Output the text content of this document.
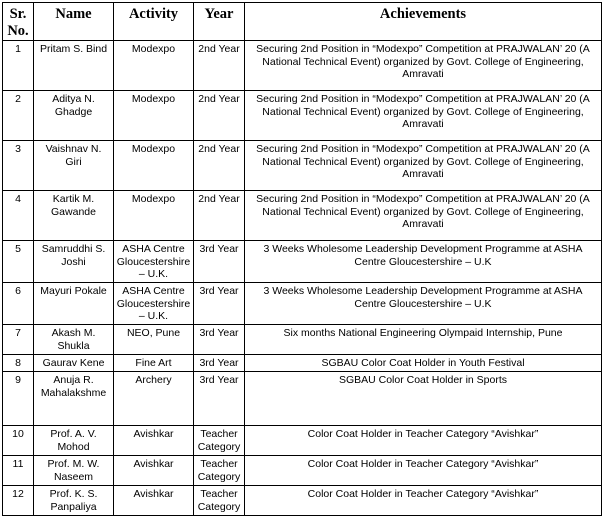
Sr. No.	Name	Activity	Year	Achievements
1	Pritam S. Bind	Modexpo	2nd Year	Securing 2nd Position in “Modexpo” Competition at PRAJWALAN’ 20 (A National Technical Event) organized by Govt. College of Engineering, Amravati
2	Aditya N. Ghadge	Modexpo	2nd Year	Securing 2nd Position in “Modexpo” Competition at PRAJWALAN’ 20 (A National Technical Event) organized by Govt. College of Engineering, Amravati
3	Vaishnav N. Giri	Modexpo	2nd Year	Securing 2nd Position in “Modexpo” Competition at PRAJWALAN’ 20 (A National Technical Event) organized by Govt. College of Engineering, Amravati
4	Kartik M. Gawande	Modexpo	2nd Year	Securing 2nd Position in “Modexpo” Competition at PRAJWALAN’ 20 (A National Technical Event) organized by Govt. College of Engineering, Amravati
5	Samruddhi S. Joshi	ASHA Centre Gloucestershire – U.K.	3rd Year	3 Weeks Wholesome Leadership Development Programme at ASHA Centre Gloucestershire – U.K
6	Mayuri Pokale	ASHA Centre Gloucestershire – U.K.	3rd Year	3 Weeks Wholesome Leadership Development Programme at ASHA Centre Gloucestershire – U.K
7	Akash M. Shukla	NEO, Pune	3rd Year	Six months National Engineering Olympaid Internship, Pune
8	Gaurav Kene	Fine Art	3rd Year	SGBAU Color Coat Holder in Youth Festival
9	Anuja R. Mahalakshme	Archery	3rd Year	SGBAU Color Coat Holder in Sports
10	Prof. A. V. Mohod	Avishkar	Teacher Category	Color Coat Holder in Teacher Category “Avishkar”
11	Prof. M. W. Naseem	Avishkar	Teacher Category	Color Coat Holder in Teacher Category “Avishkar”
12	Prof. K. S. Panpaliya	Avishkar	Teacher Category	Color Coat Holder in Teacher Category “Avishkar”
